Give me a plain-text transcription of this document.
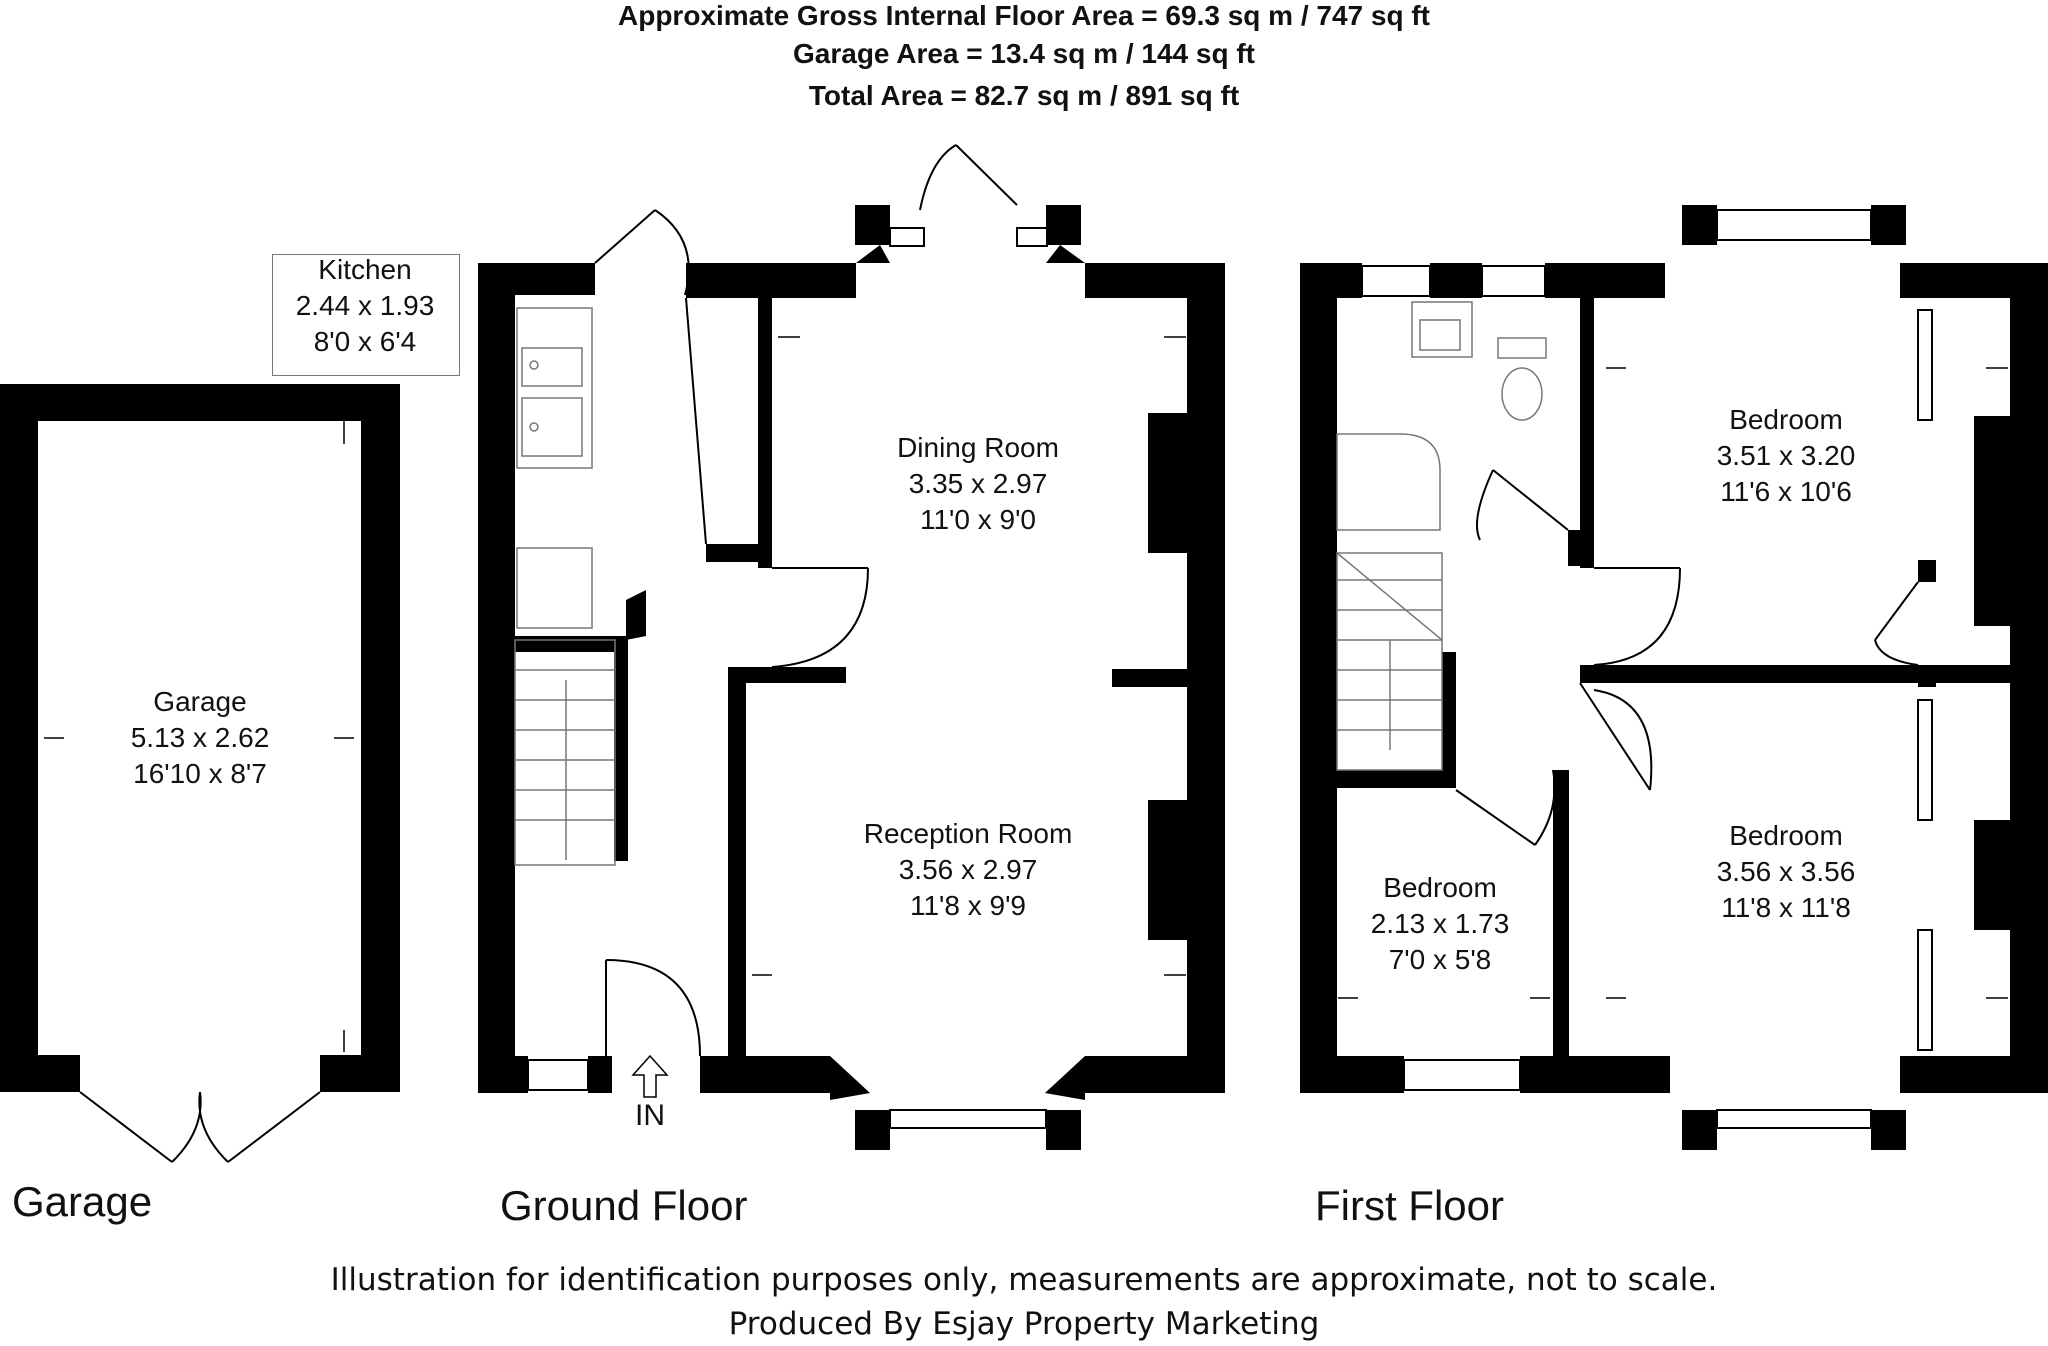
Approximate Gross Internal Floor Area = 69.3 sq m / 747 sq ft
Garage Area = 13.4 sq m / 144 sq ft
Total Area = 82.7 sq m / 891 sq ft
Kitchen
2.44 x 1.93
8'0 x 6'4
Garage
5.13 x 2.62
16'10 x 8'7
Dining Room
3.35 x 2.97
11'0 x 9'0
Reception Room
3.56 x 2.97
11'8 x 9'9
Bedroom
3.51 x 3.20
11'6 x 10'6
Bedroom
3.56 x 3.56
11'8 x 11'8
Bedroom
2.13 x 1.73
7'0 x 5'8
IN
Garage	Ground Floor	First Floor
Illustration for identification purposes only, measurements are approximate, not to scale.
Produced By Esjay Property Marketing
